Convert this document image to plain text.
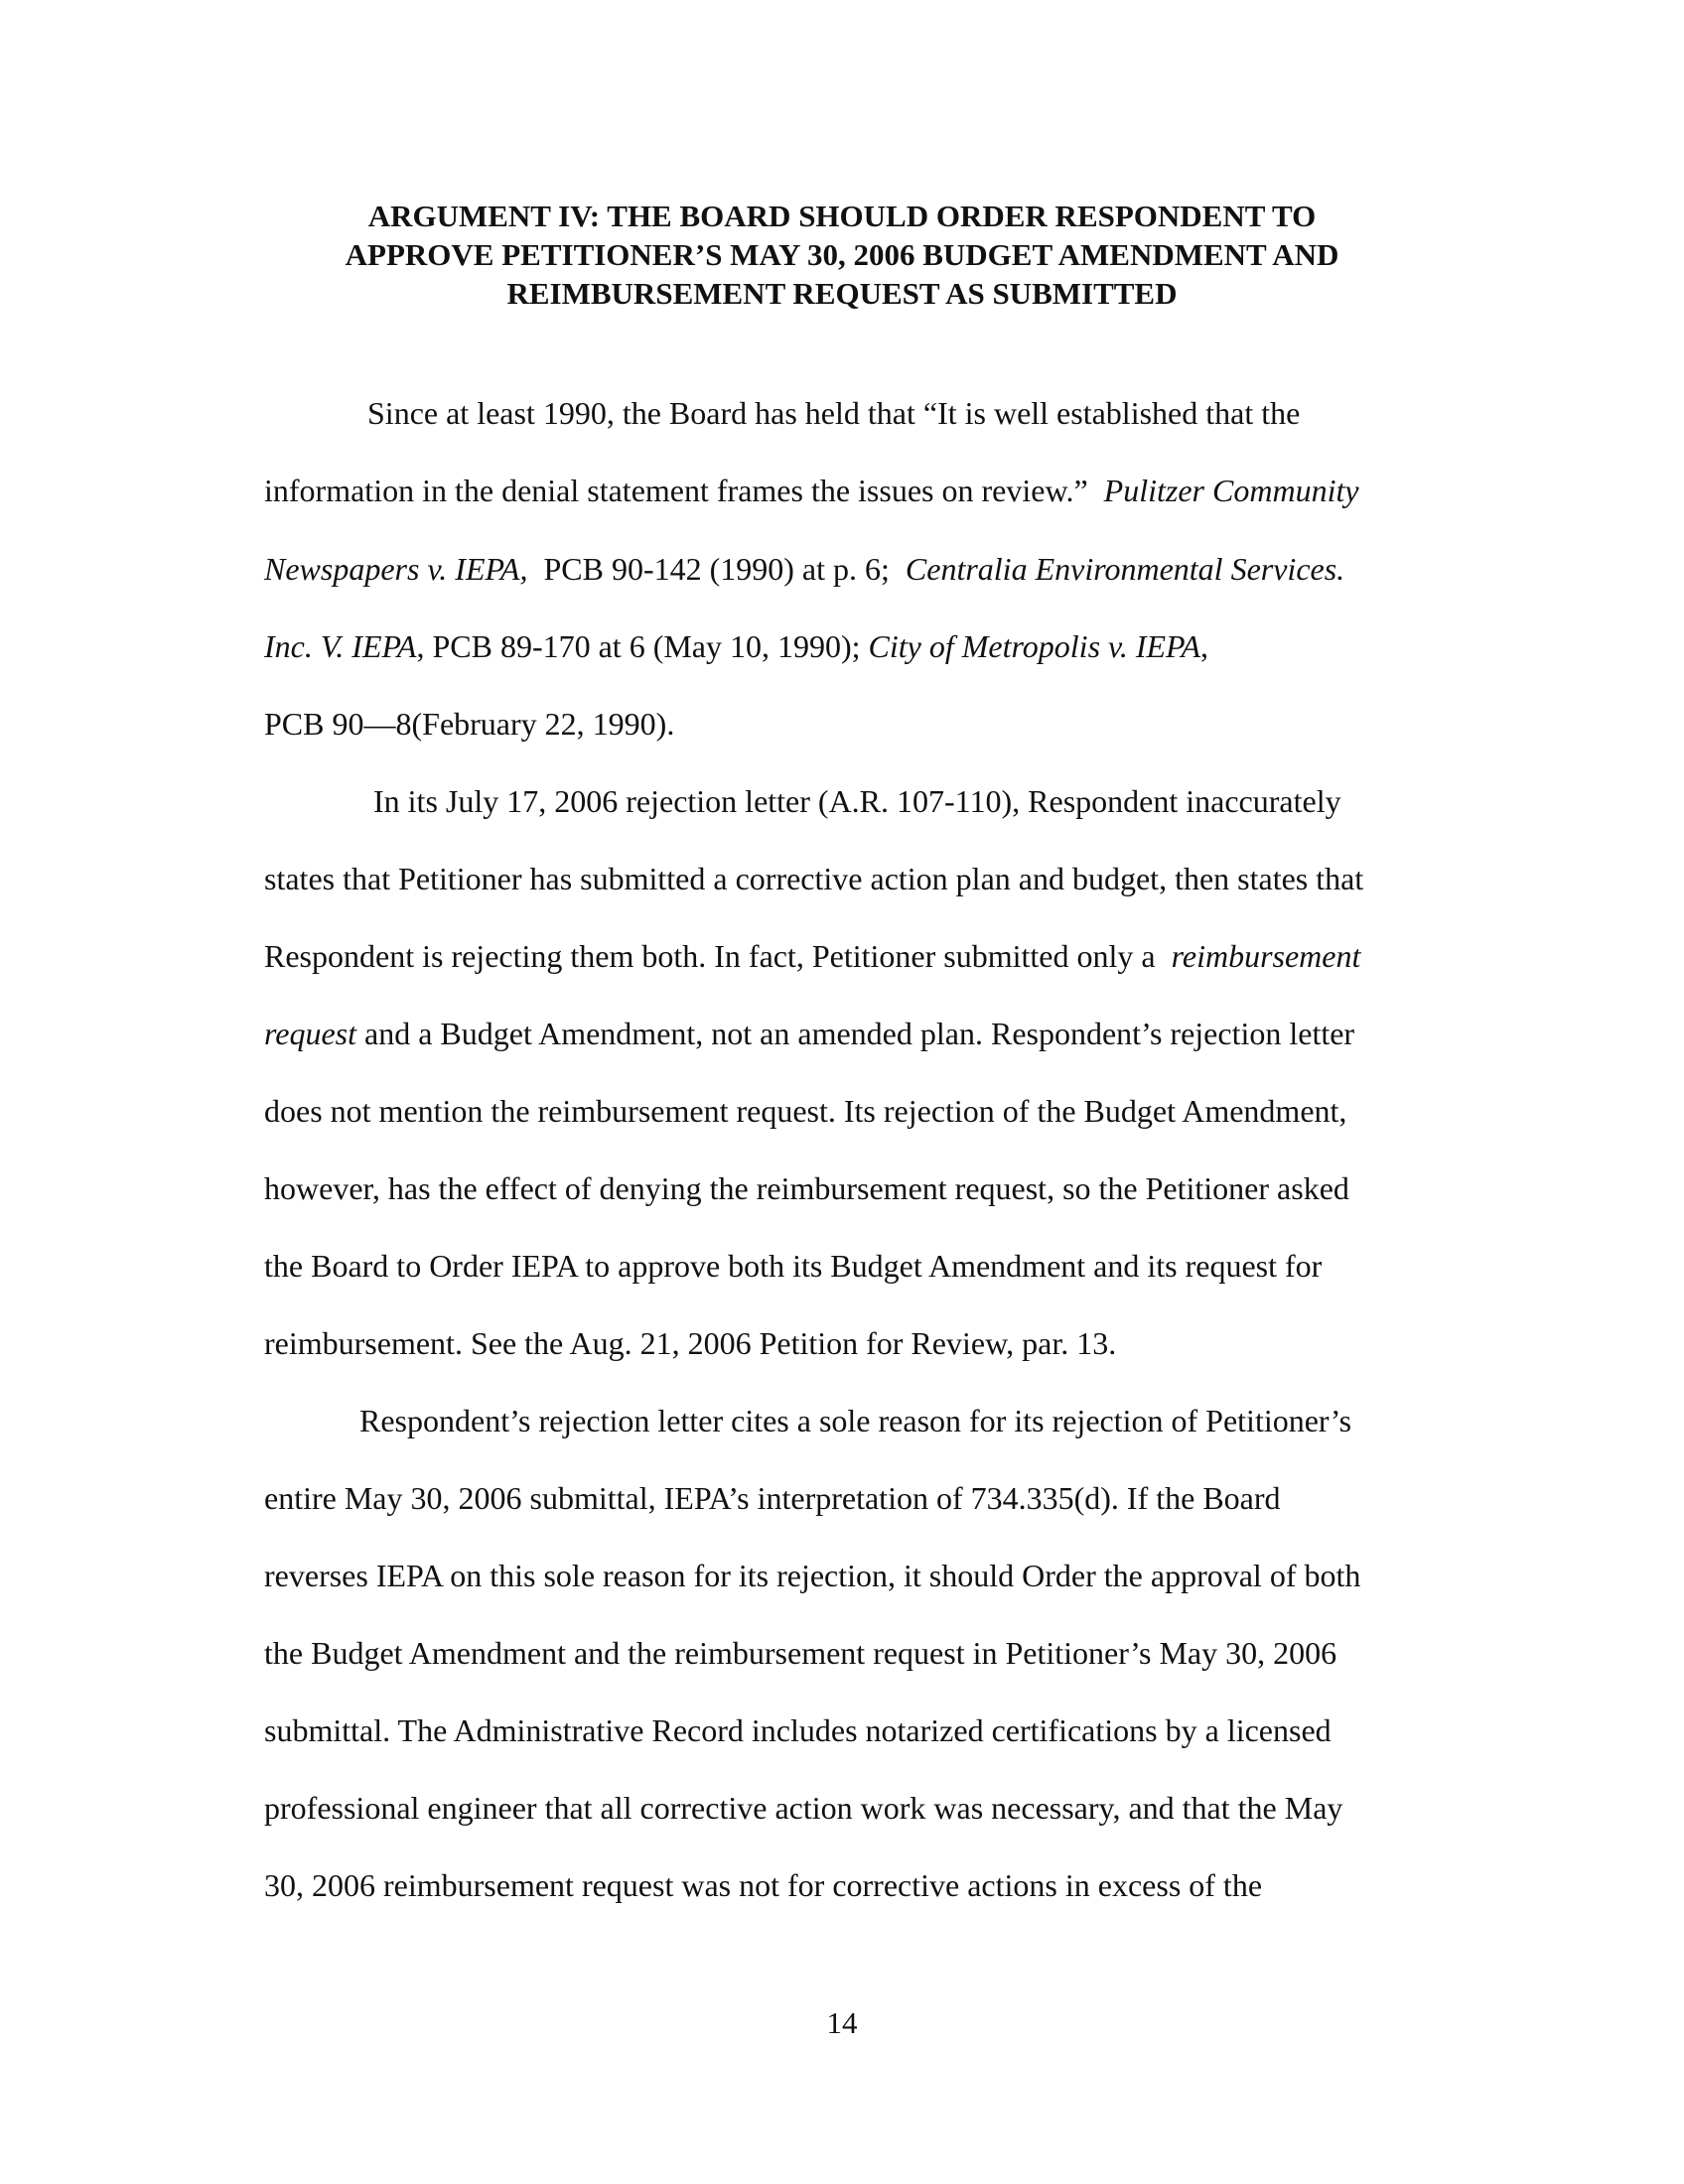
ARGUMENT IV: THE BOARD SHOULD ORDER RESPONDENT TO
APPROVE PETITIONER’S MAY 30, 2006 BUDGET AMENDMENT AND
REIMBURSEMENT REQUEST AS SUBMITTED
Since at least 1990, the Board has held that “It is well established that the
information in the denial statement frames the issues on review.” Pulitzer Community
Newspapers v. IEPA, PCB 90-142 (1990) at p. 6; Centralia Environmental Services.
Inc. V. IEPA, PCB 89-170 at 6 (May 10, 1990); City of Metropolis v. IEPA,
PCB 90—8(February 22, 1990).
In its July 17, 2006 rejection letter (A.R. 107-110), Respondent inaccurately
states that Petitioner has submitted a corrective action plan and budget, then states that
Respondent is rejecting them both. In fact, Petitioner submitted only a reimbursement
request and a Budget Amendment, not an amended plan. Respondent’s rejection letter
does not mention the reimbursement request. Its rejection of the Budget Amendment,
however, has the effect of denying the reimbursement request, so the Petitioner asked
the Board to Order IEPA to approve both its Budget Amendment and its request for
reimbursement. See the Aug. 21, 2006 Petition for Review, par. 13.
Respondent’s rejection letter cites a sole reason for its rejection of Petitioner’s
entire May 30, 2006 submittal, IEPA’s interpretation of 734.335(d). If the Board
reverses IEPA on this sole reason for its rejection, it should Order the approval of both
the Budget Amendment and the reimbursement request in Petitioner’s May 30, 2006
submittal. The Administrative Record includes notarized certifications by a licensed
professional engineer that all corrective action work was necessary, and that the May
30, 2006 reimbursement request was not for corrective actions in excess of the
14
